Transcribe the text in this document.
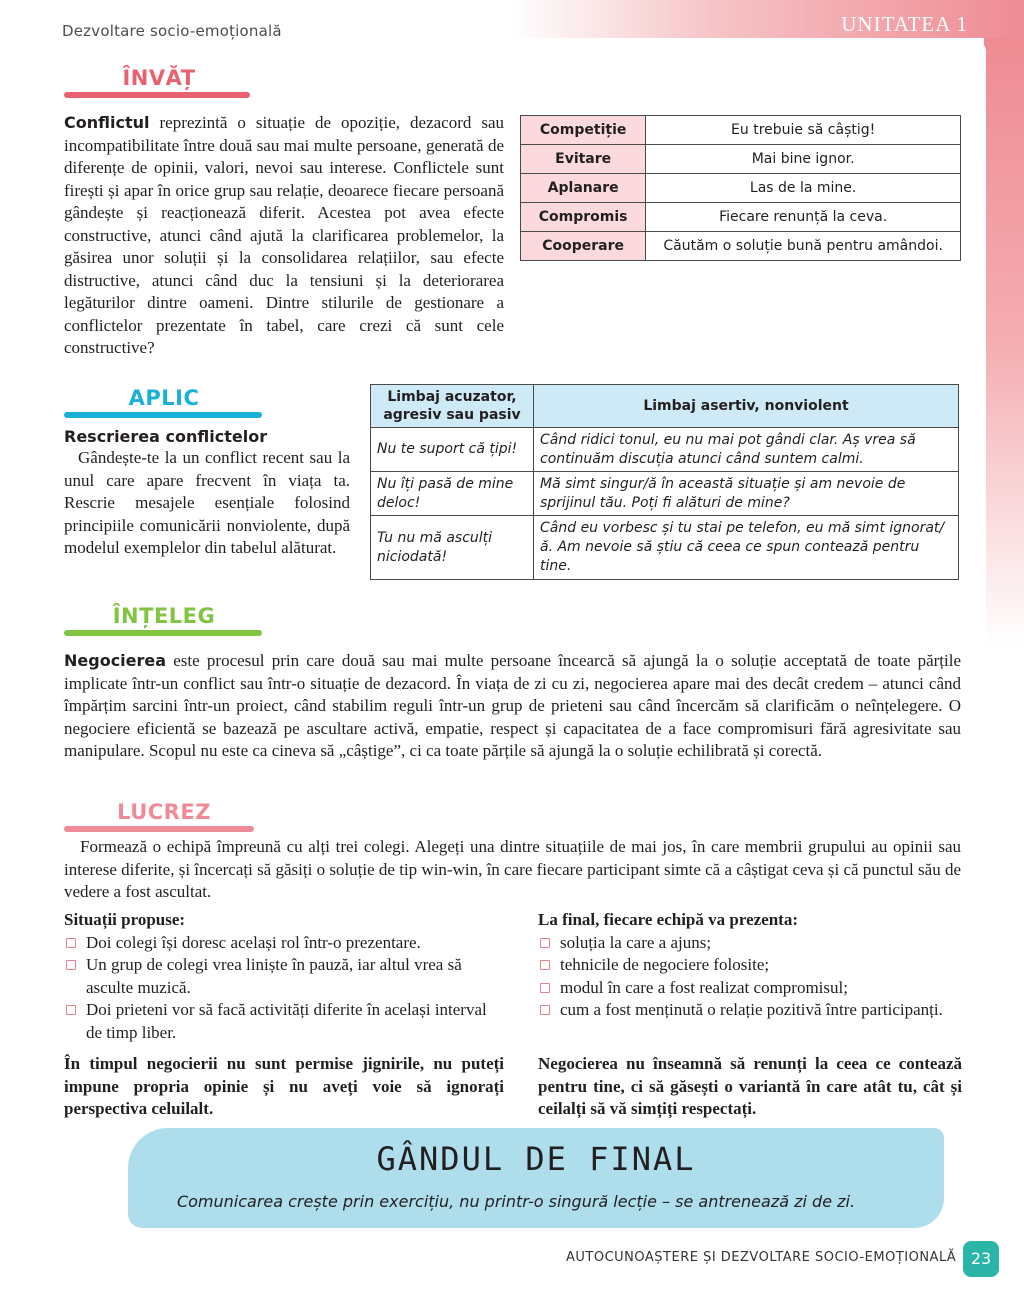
Dezvoltare socio-emoțională	UNITATEA 1
ÎNVĂȚ
Conflictul reprezintă o situație de opoziție, dezacord sau incompatibilitate între două sau mai multe persoane, generată de diferențe de opinii, valori, nevoi sau interese. Conflictele sunt firești și apar în orice grup sau relație, deoarece fiecare persoană gândește și reacționează diferit. Acestea pot avea efecte constructive, atunci când ajută la clarificarea problemelor, la găsirea unor soluții și la consolidarea relațiilor, sau efecte distructive, atunci când duc la tensiuni și la deteriorarea legăturilor dintre oameni. Dintre stilurile de gestionare a conflictelor prezentate în tabel, care crezi că sunt cele constructive?
Competiție	Eu trebuie să câștig!
Evitare	Mai bine ignor.
Aplanare	Las de la mine.
Compromis	Fiecare renunță la ceva.
Cooperare	Căutăm o soluție bună pentru amândoi.
APLIC
Rescrierea conflictelor
Gândește-te la un conflict recent sau la unul care apare frecvent în viața ta. Rescrie mesajele esențiale folosind principiile comunicării nonviolente, după modelul exemplelor din tabelul alăturat.
Limbaj acuzator, agresiv sau pasiv	Limbaj asertiv, nonviolent
Nu te suport că țipi!	Când ridici tonul, eu nu mai pot gândi clar. Aș vrea să continuăm discuția atunci când suntem calmi.
Nu îți pasă de mine deloc!	Mă simt singur/ă în această situație și am nevoie de sprijinul tău. Poți fi alături de mine?
Tu nu mă asculți niciodată!	Când eu vorbesc și tu stai pe telefon, eu mă simt ignorat/ă. Am nevoie să știu că ceea ce spun contează pentru tine.
ÎNȚELEG
Negocierea este procesul prin care două sau mai multe persoane încearcă să ajungă la o soluție acceptată de toate părțile implicate într-un conflict sau într-o situație de dezacord. În viața de zi cu zi, negocierea apare mai des decât credem – atunci când împărțim sarcini într-un proiect, când stabilim reguli într-un grup de prieteni sau când încercăm să clarificăm o neînțelegere. O negociere eficientă se bazează pe ascultare activă, empatie, respect și capacitatea de a face compromisuri fără agresivitate sau manipulare. Scopul nu este ca cineva să „câștige”, ci ca toate părțile să ajungă la o soluție echilibrată și corectă.
LUCREZ
Formează o echipă împreună cu alți trei colegi. Alegeți una dintre situațiile de mai jos, în care membrii grupului au opinii sau interese diferite, și încercați să găsiți o soluție de tip win-win, în care fiecare participant simte că a câștigat ceva și că punctul său de vedere a fost ascultat.
Situații propuse:
Doi colegi își doresc același rol într-o prezentare.
Un grup de colegi vrea liniște în pauză, iar altul vrea să asculte muzică.
Doi prieteni vor să facă activități diferite în același interval de timp liber.
La final, fiecare echipă va prezenta:
soluția la care a ajuns;
tehnicile de negociere folosite;
modul în care a fost realizat compromisul;
cum a fost menținută o relație pozitivă între participanți.
În timpul negocierii nu sunt permise jignirile, nu puteți impune propria opinie și nu aveți voie să ignorați perspectiva celuilalt.
Negocierea nu înseamnă să renunți la ceea ce contează pentru tine, ci să găsești o variantă în care atât tu, cât și ceilalți să vă simțiți respectați.
GÂNDUL DE FINAL
Comunicarea crește prin exercițiu, nu printr-o singură lecție – se antrenează zi de zi.
AUTOCUNOAȘTERE ȘI DEZVOLTARE SOCIO-EMOȚIONALĂ 23
